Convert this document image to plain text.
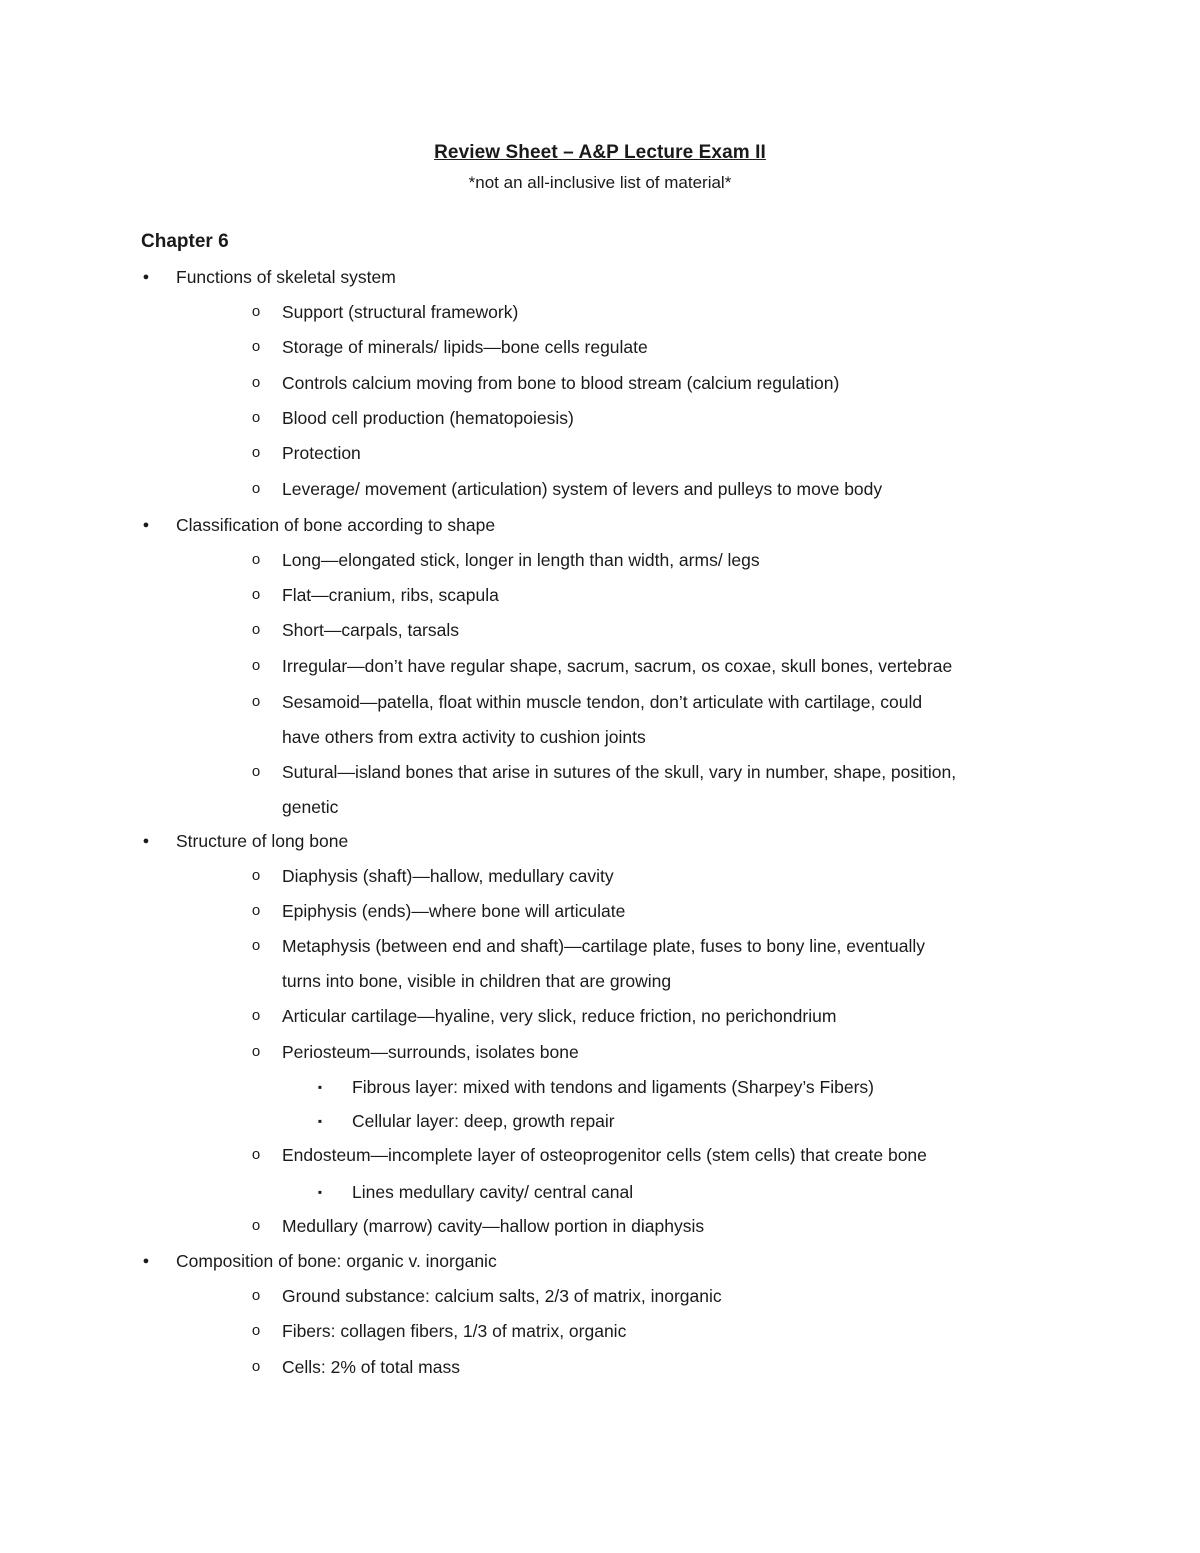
Review Sheet – A&P Lecture Exam II
*not an all-inclusive list of material*
Chapter 6
● Functions of skeletal system
o Support (structural framework)
o Storage of minerals/ lipids—bone cells regulate
o Controls calcium moving from bone to blood stream (calcium regulation)
o Blood cell production (hematopoiesis)
o Protection
o Leverage/ movement (articulation) system of levers and pulleys to move body
● Classification of bone according to shape
o Long—elongated stick, longer in length than width, arms/ legs
o Flat—cranium, ribs, scapula
o Short—carpals, tarsals
o Irregular—don’t have regular shape, sacrum, sacrum, os coxae, skull bones, vertebrae
o Sesamoid—patella, float within muscle tendon, don’t articulate with cartilage, could
have others from extra activity to cushion joints
o Sutural—island bones that arise in sutures of the skull, vary in number, shape, position,
genetic
● Structure of long bone
o Diaphysis (shaft)—hallow, medullary cavity
o Epiphysis (ends)—where bone will articulate
o Metaphysis (between end and shaft)—cartilage plate, fuses to bony line, eventually
turns into bone, visible in children that are growing
o Articular cartilage—hyaline, very slick, reduce friction, no perichondrium
o Periosteum—surrounds, isolates bone
▪ Fibrous layer: mixed with tendons and ligaments (Sharpey’s Fibers)
▪ Cellular layer: deep, growth repair
o Endosteum—incomplete layer of osteoprogenitor cells (stem cells) that create bone
▪ Lines medullary cavity/ central canal
o Medullary (marrow) cavity—hallow portion in diaphysis
● Composition of bone: organic v. inorganic
o Ground substance: calcium salts, 2/3 of matrix, inorganic
o Fibers: collagen fibers, 1/3 of matrix, organic
o Cells: 2% of total mass
